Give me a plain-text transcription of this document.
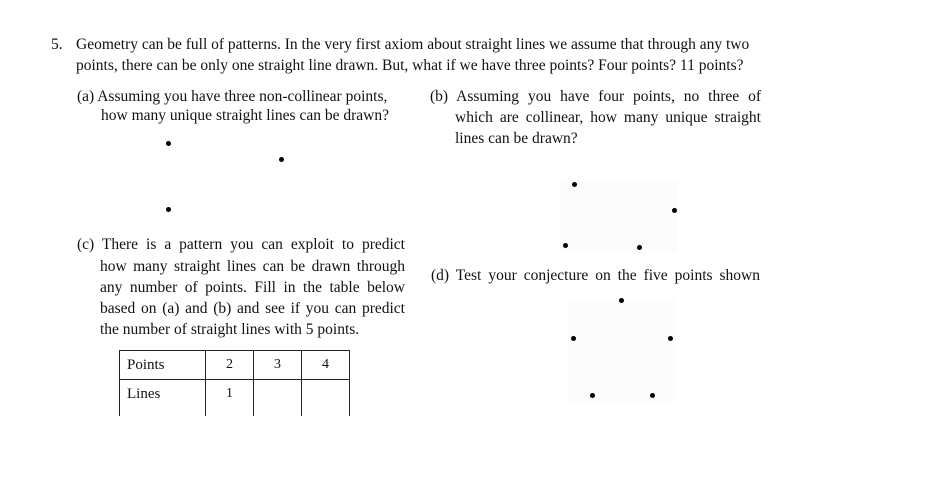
5. Geometry can be full of patterns. In the very first axiom about straight lines we assume that through any two
points, there can be only one straight line drawn. But, what if we have three points? Four points? 11 points?
(a) Assuming you have three non-collinear points,
how many unique straight lines can be drawn?
(b) Assuming you have four points, no three of
which are collinear, how many unique straight
lines can be drawn?
(c) There is a pattern you can exploit to predict
how many straight lines can be drawn through
any number of points. Fill in the table below
based on (a) and (b) and see if you can predict
the number of straight lines with 5 points.
(d) Test your conjecture on the five points shown
Points	2	3	4
Lines	1		
